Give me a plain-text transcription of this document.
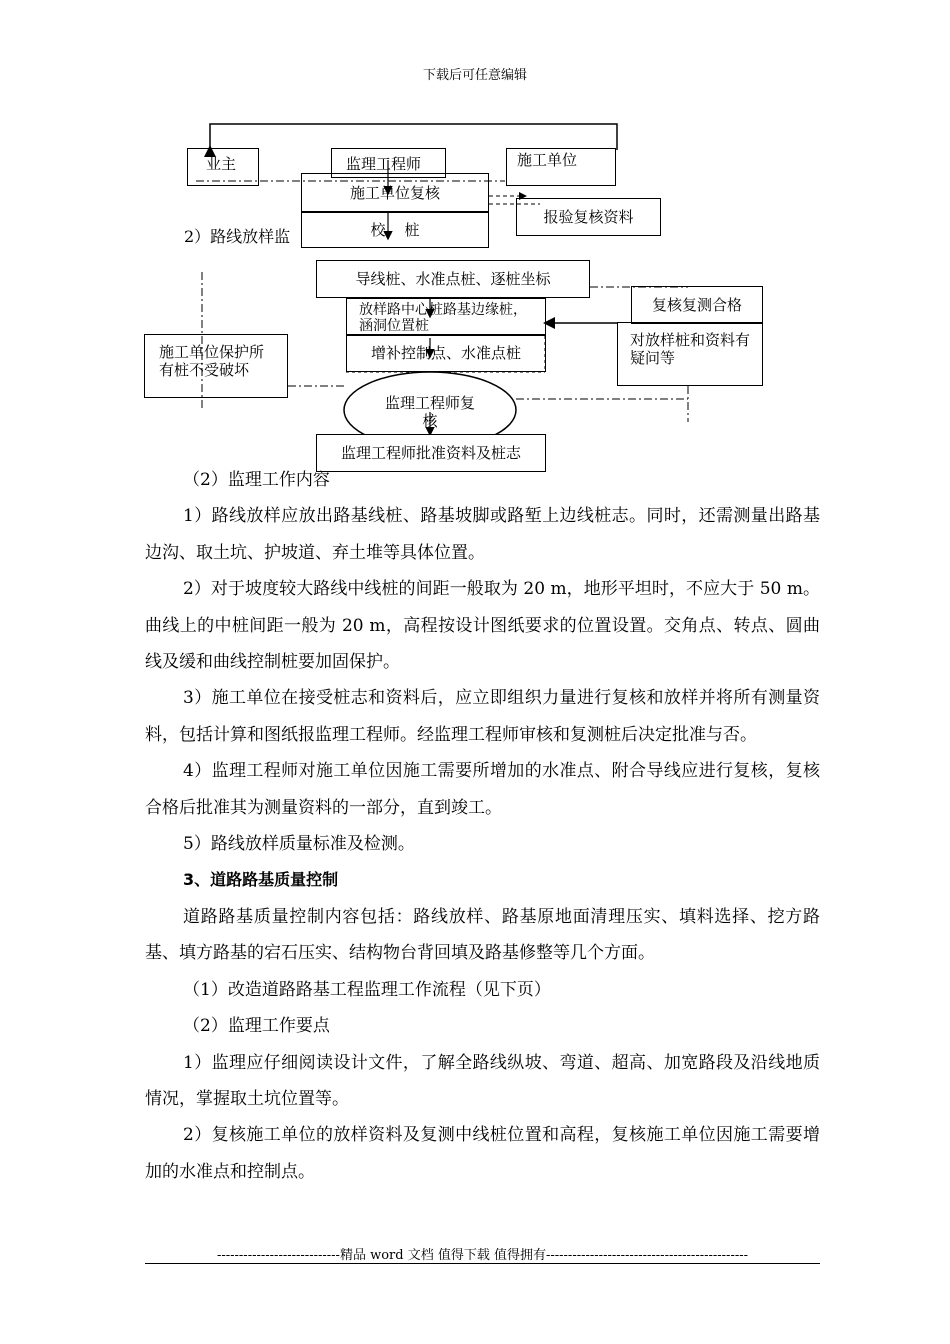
下载后可任意编辑
业主	监理工程师	施工单位
施工单位复核
校    桩
报验复核资料
2）路线放样监
导线桩、水准点桩、逐桩坐标
放样路中心桩路基边缘桩，涵洞位置桩
增补控制点、水准点桩
施工单位保护所有桩不受破坏
复核复测合格
对放样桩和资料有疑问等
监理工程师复核
监理工程师批准资料及桩志

（2）监理工作内容

1）路线放样应放出路基线桩、路基坡脚或路堑上边线桩志。同时，还需测量出路基边沟、取土坑、护坡道、弃土堆等具体位置。

2）对于坡度较大路线中线桩的间距一般取为 20 m，地形平坦时，不应大于 50 m。曲线上的中桩间距一般为 20 m，高程按设计图纸要求的位置设置。交角点、转点、圆曲线及缓和曲线控制桩要加固保护。

3）施工单位在接受桩志和资料后，应立即组织力量进行复核和放样并将所有测量资料，包括计算和图纸报监理工程师。经监理工程师审核和复测桩后决定批准与否。

4）监理工程师对施工单位因施工需要所增加的水准点、附合导线应进行复核，复核合格后批准其为测量资料的一部分，直到竣工。

5）路线放样质量标准及检测。

3、道路路基质量控制

道路路基质量控制内容包括：路线放样、路基原地面清理压实、填料选择、挖方路基、填方路基的宕石压实、结构物台背回填及路基修整等几个方面。

（1）改造道路路基工程监理工作流程（见下页）

（2）监理工作要点

1）监理应仔细阅读设计文件，了解全路线纵坡、弯道、超高、加宽路段及沿线地质情况，掌握取土坑位置等。

2）复核施工单位的放样资料及复测中线桩位置和高程，复核施工单位因施工需要增加的水准点和控制点。

----------------------------精品 word 文档 值得下载 值得拥有----------------------------------------------
